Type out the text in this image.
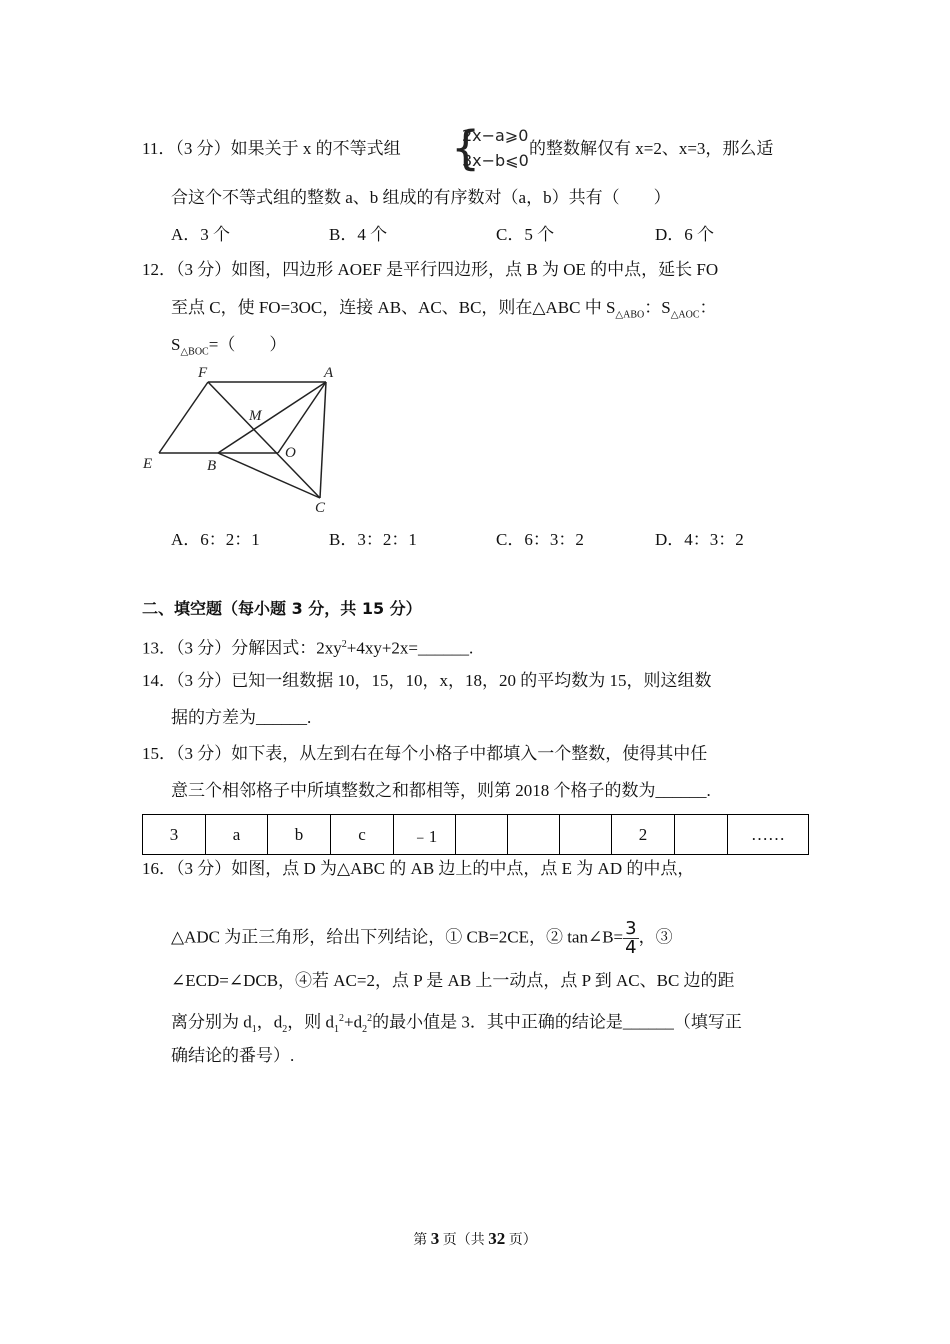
11．（3 分）如果关于 x 的不等式组 {
2x−a⩾0
3x−b⩽0
的整数解仅有 x=2、x=3，那么适
合这个不等式组的整数 a、b 组成的有序数对（a，b）共有（　　）
A．3 个	B．4 个	C．5 个	D．6 个
12．（3 分）如图，四边形 AOEF 是平行四边形，点 B 为 OE 的中点，延长 FO
至点 C，使 FO=3OC，连接 AB、AC、BC，则在△ABC 中 $S_{\triangle ABO}$：$S_{\triangle AOC}$：
$S_{\triangle BOC}=$（　　）
F	A
M
E	B
O
C
A．6：2：1	B．3：2：1	C．6：3：2	D．4：3：2
二、填空题（每小题 3 分，共 15 分）
13．（3 分）分解因式：$2xy^2+4xy+2x=\_\_\_\_\_\_$.
14．（3 分）已知一组数据 10，15，10，x，18，20 的平均数为 15，则这组数
据的方差为______.
15．（3 分）如下表，从左到右在每个小格子中都填入一个整数，使得其中任
意三个相邻格子中所填整数之和都相等，则第 2018 个格子的数为______.
3	a	b	c	﹣1				2		……
16．（3 分）如图，点 D 为△ABC 的 AB 边上的中点，点 E 为 AD 的中点，
△ADC 为正三角形，给出下列结论，① CB=2CE，② tan∠B= $\frac{3}{4}$ ，③
∠ECD=∠DCB，④若 AC=2，点 P 是 AB 上一动点，点 P 到 AC、BC 边的距
离分别为 $d_1$，$d_2$，则 $d_1^2+d_2^2$的最小值是 3．其中正确的结论是______（填写正
确结论的番号）.
第 3 页（共 32 页）
